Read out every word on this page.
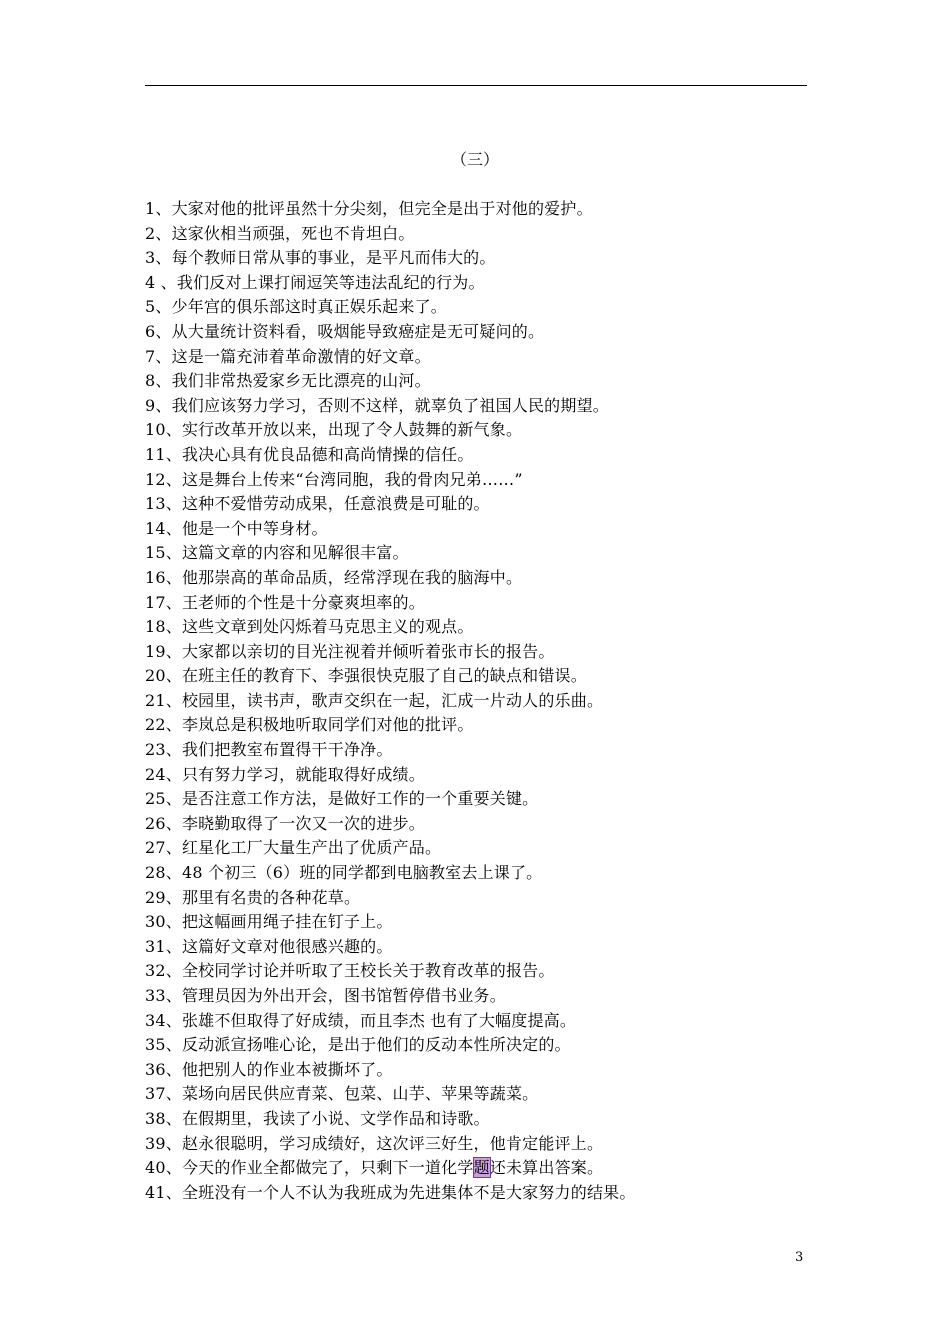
（三）
1、大家对他的批评虽然十分尖刻，但完全是出于对他的爱护。
2、这家伙相当顽强，死也不肯坦白。
3、每个教师日常从事的事业，是平凡而伟大的。
4 、我们反对上课打闹逗笑等违法乱纪的行为。
5、少年宫的俱乐部这时真正娱乐起来了。
6、从大量统计资料看，吸烟能导致癌症是无可疑问的。
7、这是一篇充沛着革命激情的好文章。
8、我们非常热爱家乡无比漂亮的山河。
9、我们应该努力学习，否则不这样，就辜负了祖国人民的期望。
10、实行改革开放以来，出现了令人鼓舞的新气象。
11、我决心具有优良品德和高尚情操的信任。
12、这是舞台上传来“台湾同胞，我的骨肉兄弟……”
13、这种不爱惜劳动成果，任意浪费是可耻的。
14、他是一个中等身材。
15、这篇文章的内容和见解很丰富。
16、他那崇高的革命品质，经常浮现在我的脑海中。
17、王老师的个性是十分豪爽坦率的。
18、这些文章到处闪烁着马克思主义的观点。
19、大家都以亲切的目光注视着并倾听着张市长的报告。
20、在班主任的教育下、李强很快克服了自己的缺点和错误。
21、校园里，读书声，歌声交织在一起，汇成一片动人的乐曲。
22、李岚总是积极地听取同学们对他的批评。
23、我们把教室布置得干干净净。
24、只有努力学习，就能取得好成绩。
25、是否注意工作方法，是做好工作的一个重要关键。
26、李晓勤取得了一次又一次的进步。
27、红星化工厂大量生产出了优质产品。
28、48 个初三（6）班的同学都到电脑教室去上课了。
29、那里有名贵的各种花草。
30、把这幅画用绳子挂在钉子上。
31、这篇好文章对他很感兴趣的。
32、全校同学讨论并听取了王校长关于教育改革的报告。
33、管理员因为外出开会，图书馆暂停借书业务。
34、张雄不但取得了好成绩，而且李杰 也有了大幅度提高。
35、反动派宣扬唯心论，是出于他们的反动本性所决定的。
36、他把别人的作业本被撕坏了。
37、菜场向居民供应青菜、包菜、山芋、苹果等蔬菜。
38、在假期里，我读了小说、文学作品和诗歌。
39、赵永很聪明，学习成绩好，这次评三好生，他肯定能评上。
40、今天的作业全都做完了，只剩下一道化学题还未算出答案。
41、全班没有一个人不认为我班成为先进集体不是大家努力的结果。
3
